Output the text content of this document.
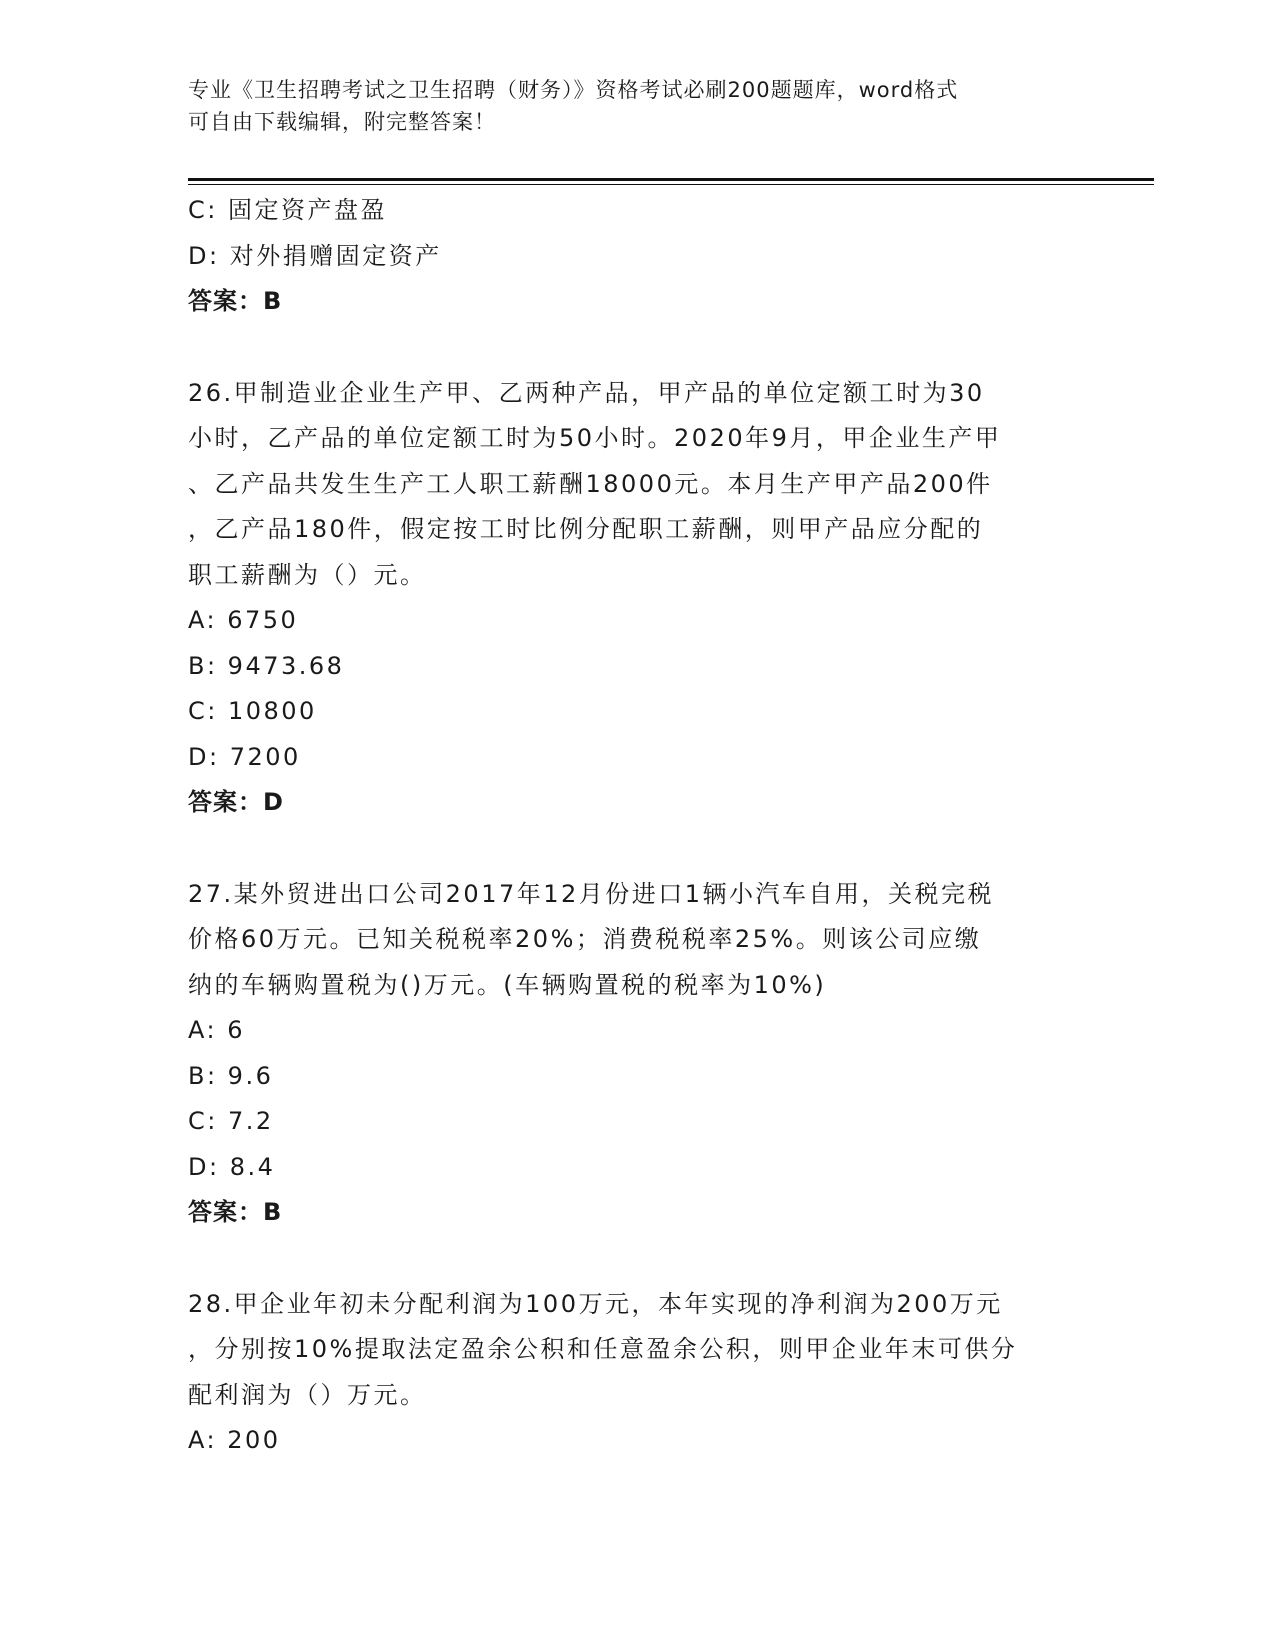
专业《卫生招聘考试之卫生招聘（财务）》资格考试必刷200题题库，word格式
可自由下载编辑，附完整答案！
C: 固定资产盘盈
D: 对外捐赠固定资产
答案：B
26.甲制造业企业生产甲、乙两种产品，甲产品的单位定额工时为30
小时，乙产品的单位定额工时为50小时。2020年9月，甲企业生产甲
、乙产品共发生生产工人职工薪酬18000元。本月生产甲产品200件
，乙产品180件，假定按工时比例分配职工薪酬，则甲产品应分配的
职工薪酬为（）元。
A: 6750
B: 9473.68
C: 10800
D: 7200
答案：D
27.某外贸进出口公司2017年12月份进口1辆小汽车自用，关税完税
价格60万元。已知关税税率20%；消费税税率25%。则该公司应缴
纳的车辆购置税为()万元。(车辆购置税的税率为10%)
A: 6
B: 9.6
C: 7.2
D: 8.4
答案：B
28.甲企业年初未分配利润为100万元，本年实现的净利润为200万元
，分别按10%提取法定盈余公积和任意盈余公积，则甲企业年末可供分
配利润为（）万元。
A: 200
